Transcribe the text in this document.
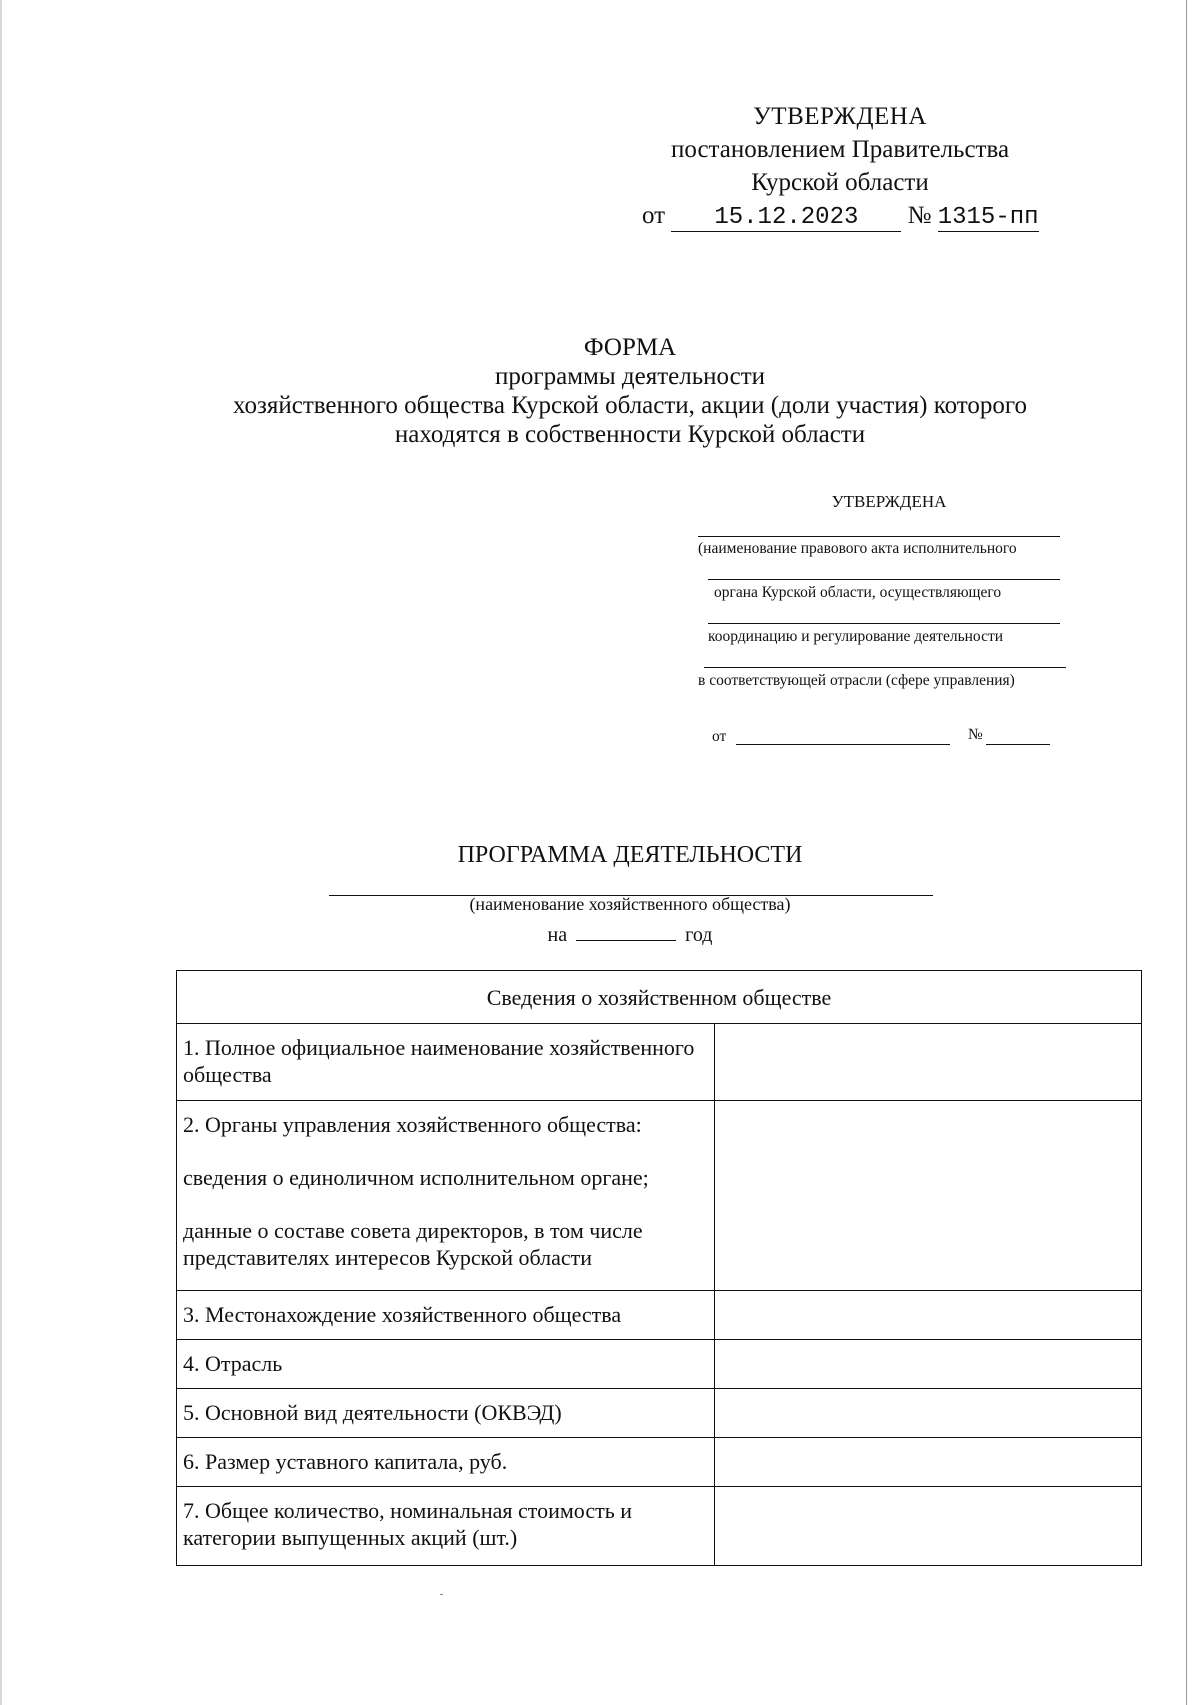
УТВЕРЖДЕНА
постановлением Правительства
Курской области
от 15.12.2023 № 1315-пп
ФОРМА
программы деятельности
хозяйственного общества Курской области, акции (доли участия) которого
находятся в собственности Курской области
УТВЕРЖДЕНА
(наименование правового акта исполнительного
органа Курской области, осуществляющего
координацию и регулирование деятельности
в соответствующей отрасли (сфере управления)
от	№
ПРОГРАММА ДЕЯТЕЛЬНОСТИ
(наименование хозяйственного общества)
на	год
Сведения о хозяйственном обществе	

1. Полное официальное наименование хозяйственного общества	

2. Органы управления хозяйственного общества:

сведения о единоличном исполнительном органе;

данные о составе совета директоров, в том числе представителях интересов Курской области	

3. Местонахождение хозяйственного общества	

4. Отрасль	

5. Основной вид деятельности (ОКВЭД)	

6. Размер уставного капитала, руб.	

7. Общее количество, номинальная стоимость и категории выпущенных акций (шт.)	
